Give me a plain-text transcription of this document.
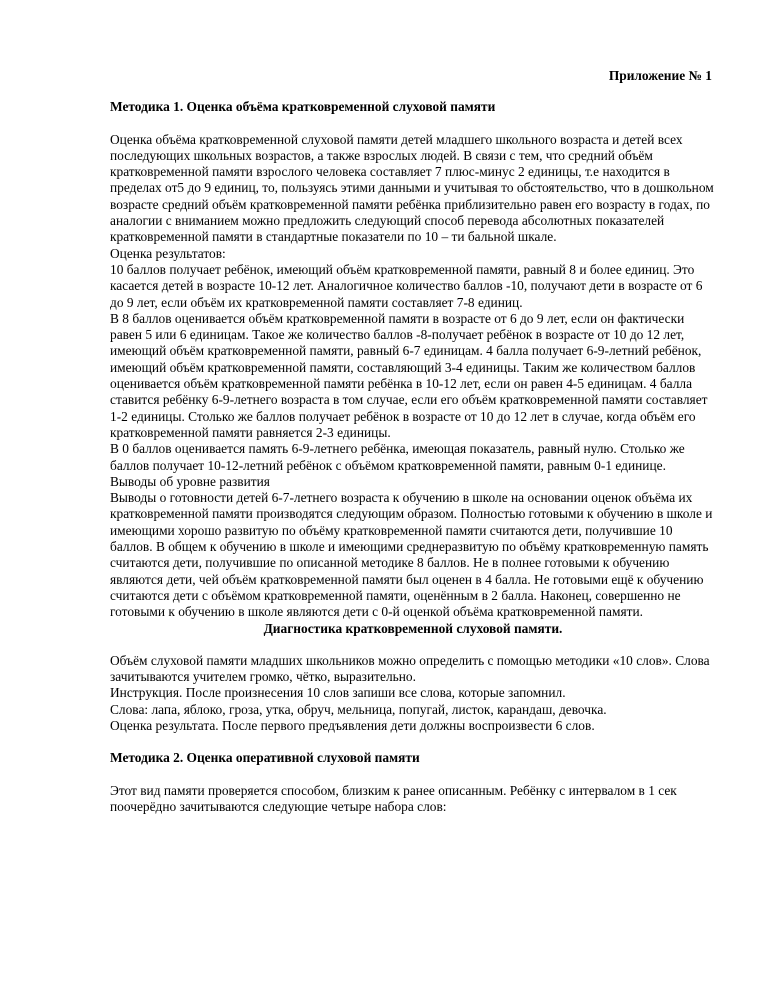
Приложение № 1

Методика 1. Оценка объёма кратковременной слуховой памяти

Оценка объёма кратковременной слуховой памяти детей младшего школьного возраста и детей всех последующих школьных возрастов, а также взрослых людей. В связи с тем, что средний объём кратковременной памяти взрослого человека составляет 7 плюс-минус 2 единицы, т.е находится в пределах от5 до 9 единиц, то, пользуясь этими данными и учитывая то обстоятельство, что в дошкольном возрасте средний объём кратковременной памяти ребёнка приблизительно равен его возрасту в годах, по аналогии с вниманием можно предложить следующий способ перевода абсолютных показателей кратковременной памяти в стандартные показатели по 10 – ти бальной шкале.

Оценка результатов:

10 баллов получает ребёнок, имеющий объём кратковременной памяти, равный 8 и более единиц. Это касается детей в возрасте 10-12 лет. Аналогичное количество баллов -10, получают дети в возрасте от 6 до 9 лет, если объём их кратковременной памяти составляет 7-8 единиц.

В 8 баллов оценивается объём кратковременной памяти в возрасте от 6 до 9 лет, если он фактически равен 5 или 6 единицам. Такое же количество баллов -8-получает ребёнок в возрасте от 10 до 12 лет, имеющий объём кратковременной памяти, равный 6-7 единицам. 4 балла получает 6-9-летний ребёнок, имеющий объём кратковременной памяти, составляющий 3-4 единицы. Таким же количеством баллов оценивается объём кратковременной памяти ребёнка в 10-12 лет, если он равен 4-5 единицам. 4 балла ставится ребёнку 6-9-летнего возраста в том случае, если его объём кратковременной памяти составляет 1-2 единицы. Столько же баллов получает ребёнок в возрасте от 10 до 12 лет в случае, когда объём его кратковременной памяти равняется 2-3 единицы.

В 0 баллов оценивается память 6-9-летнего ребёнка, имеющая показатель, равный нулю. Столько же баллов получает 10-12-летний ребёнок с объёмом кратковременной памяти, равным 0-1 единице.

Выводы об уровне развития

Выводы о готовности детей 6-7-летнего возраста к обучению в школе на основании оценок объёма их кратковременной памяти производятся следующим образом. Полностью готовыми к обучению в школе и имеющими хорошо развитую по объёму кратковременной памяти считаются дети, получившие 10 баллов. В общем к обучению в школе и имеющими среднеразвитую по объёму кратковременную память считаются дети, получившие по описанной методике 8 баллов. Не в полнее готовыми к обучению являются дети, чей объём кратковременной памяти был оценен в 4 балла. Не готовыми ещё к обучению считаются дети с объёмом кратковременной памяти, оценённым в 2 балла. Наконец, совершенно не готовыми к обучению в школе являются дети с 0-й оценкой объёма кратковременной памяти.

Диагностика кратковременной слуховой памяти.

Объём слуховой памяти младших школьников можно определить с помощью методики «10 слов». Слова зачитываются учителем громко, чётко, выразительно.

Инструкция. После произнесения 10 слов запиши все слова, которые запомнил.

Слова: лапа, яблоко, гроза, утка, обруч, мельница, попугай, листок, карандаш, девочка.

Оценка результата. После первого предъявления дети должны воспроизвести 6 слов.

Методика 2. Оценка оперативной слуховой памяти

Этот вид памяти проверяется способом, близким к ранее описанным. Ребёнку с интервалом в 1 сек поочерёдно зачитываются следующие четыре набора слов:
